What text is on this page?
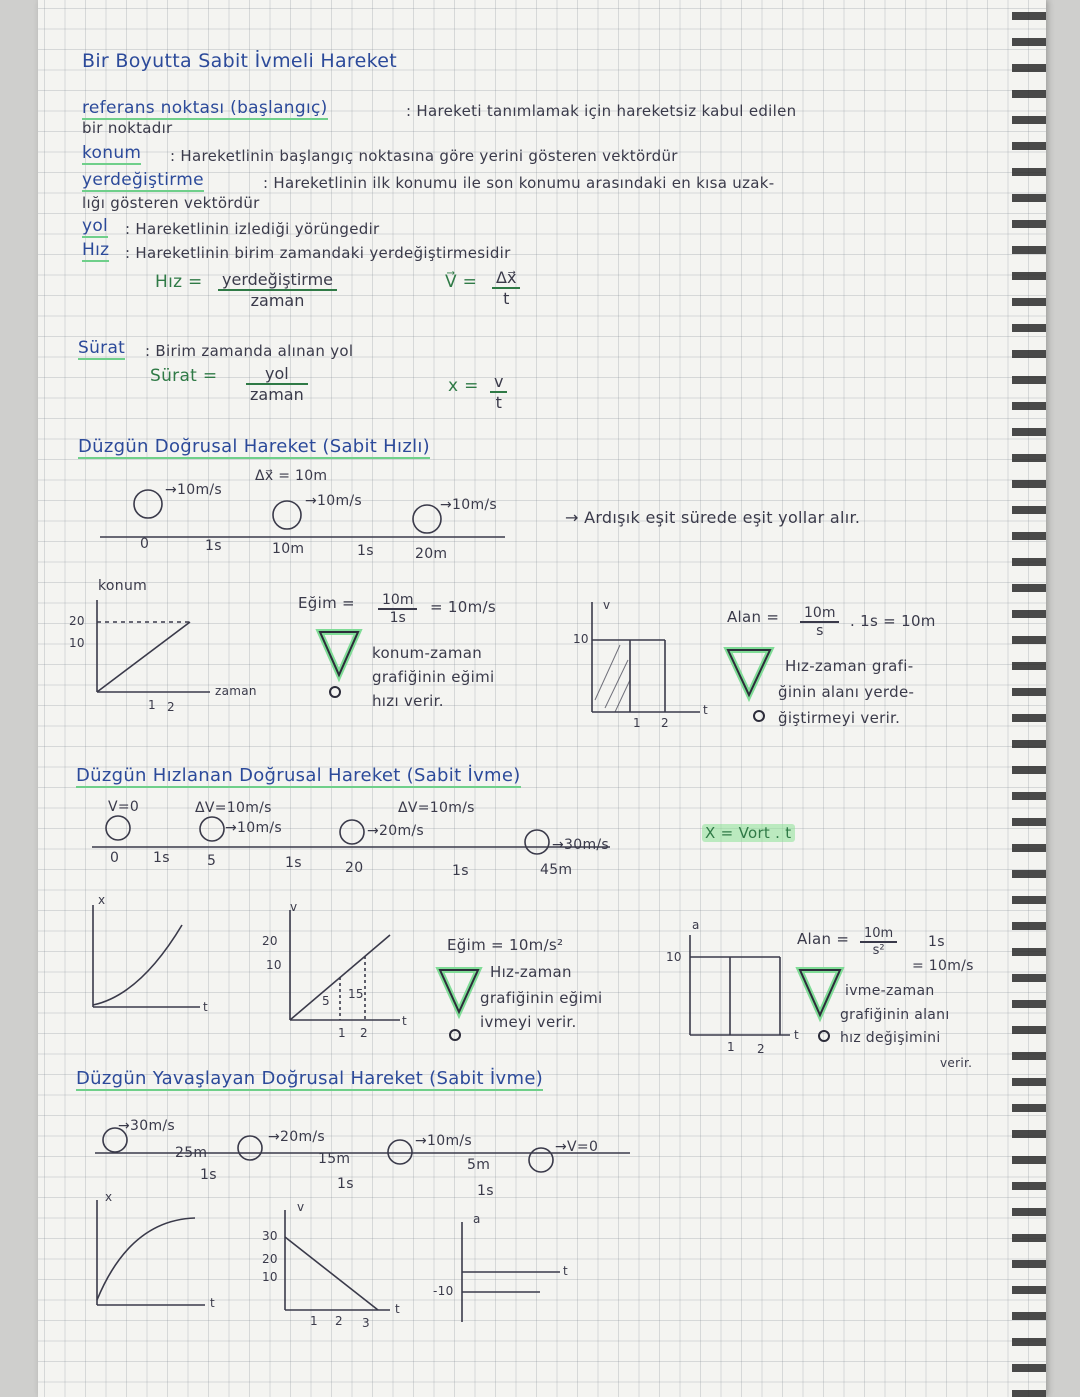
Bir Boyutta Sabit İvmeli Hareket
referans noktası (başlangıç)	: Hareketi tanımlamak için hareketsiz kabul edilen
bir noktadır
konum : Hareketlinin başlangıç noktasına göre yerini gösteren vektördür
yerdeğiştirme	: Hareketlinin ilk konumu ile son konumu arasındaki en kısa uzak-
lığı gösteren vektördür
yol : Hareketlinin izlediği yörüngedir
Hız : Hareketlinin birim zamandaki yerdeğiştirmesidir
Hız = yerdeğiştirme
zaman
V⃗ = $\frac{\Delta x⃗}{t}$
Sürat : Birim zamanda alınan yol
Sürat =	yol
zaman	$x = \frac{v}{t}$
Düzgün Doğrusal Hareket (Sabit Hızlı)
Δx⃗ = 10m
→10m/s
→10m/s	→10m/s
0	1s	10m	1s	20m
→ Ardışık eşit sürede eşit yollar alır.
konum
20
10
1 2
zaman
Eğim = $\frac{10m}{1s} = 10m/s$
konum-zaman
grafiğinin eğimi
hızı verir.
v
10
1 2
t
Alan = $\frac{10m}{s}$ . 1s = 10m
Hız-zaman grafi-
ğinin alanı yerde-
ğiştirmeyi verir.
Düzgün Hızlanan Doğrusal Hareket (Sabit İvme)
V=0	ΔV=10m/s	ΔV=10m/s
→10m/s	→20m/s
→30m/s
X = Vort . t
0 1s	5	1s	20	1s	45m
x
t
v
20
10
5 15
1 2
t
Eğim = 10m/s²
Hız-zaman
grafiğinin eğimi
ivmeyi verir.
a
10
1 2
t
Alan = $\frac{10m}{\text{s²}} 1s$
= 10m/s
ivme-zaman
grafiğinin alanı
hız değişimini
verir.
Düzgün Yavaşlayan Doğrusal Hareket (Sabit İvme)
→30m/s
→20m/s	→10m/s	→V=0
25m	15m	5m
1s
1s	1s
x
t
v
30
20
10
1 2 3
t
a
t
-10
